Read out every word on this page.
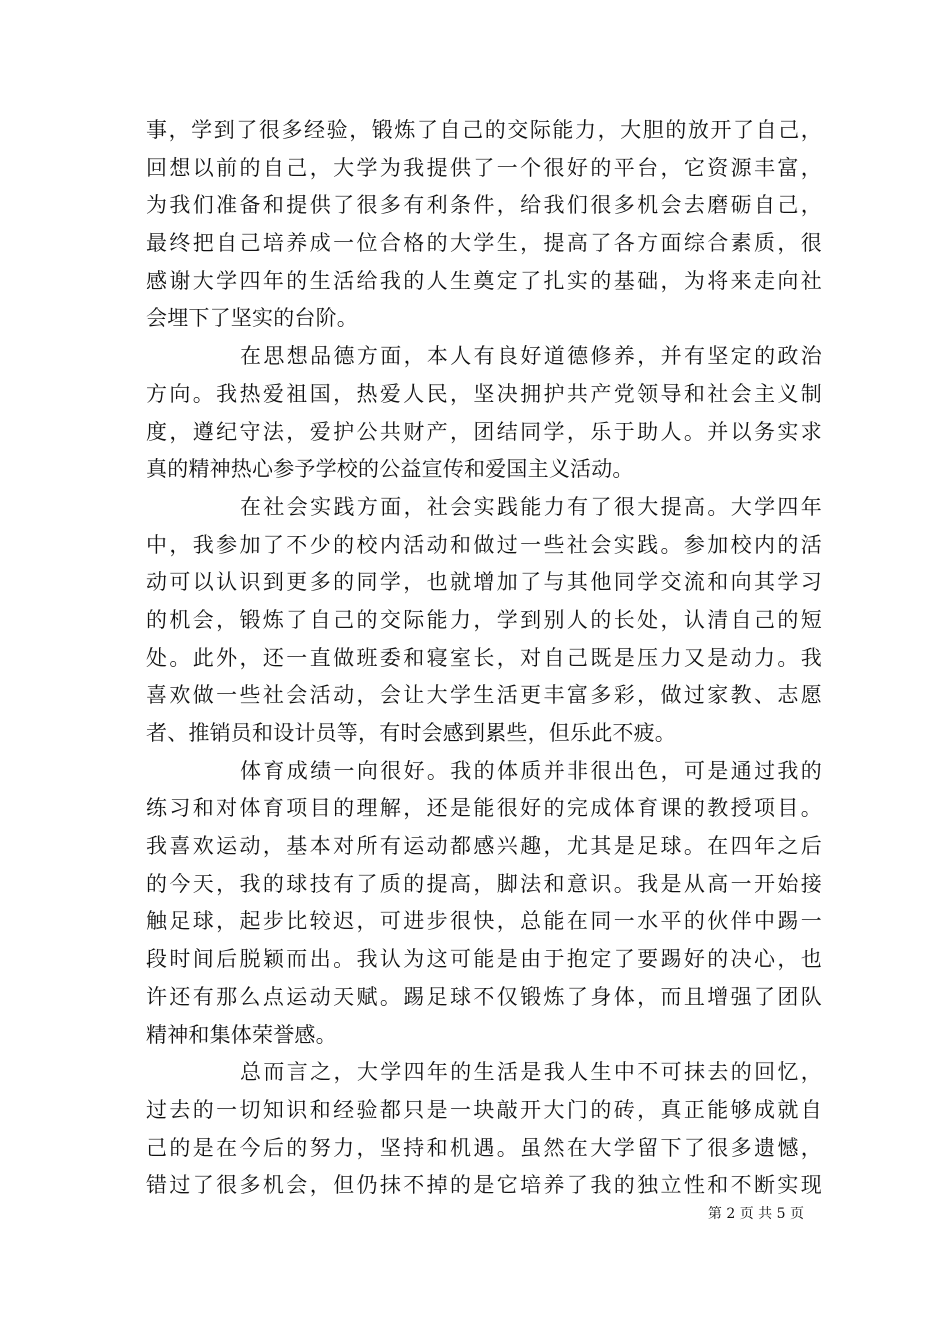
事，学到了很多经验，锻炼了自己的交际能力，大胆的放开了自己，
回想以前的自己，大学为我提供了一个很好的平台，它资源丰富，
为我们准备和提供了很多有利条件，给我们很多机会去磨砺自己，
最终把自己培养成一位合格的大学生，提高了各方面综合素质，很
感谢大学四年的生活给我的人生奠定了扎实的基础，为将来走向社
会埋下了坚实的台阶。
在思想品德方面，本人有良好道德修养，并有坚定的政治
方向。我热爱祖国，热爱人民，坚决拥护共产党领导和社会主义制
度，遵纪守法，爱护公共财产，团结同学，乐于助人。并以务实求
真的精神热心参予学校的公益宣传和爱国主义活动。
在社会实践方面，社会实践能力有了很大提高。大学四年
中，我参加了不少的校内活动和做过一些社会实践。参加校内的活
动可以认识到更多的同学，也就增加了与其他同学交流和向其学习
的机会，锻炼了自己的交际能力，学到别人的长处，认清自己的短
处。此外，还一直做班委和寝室长，对自己既是压力又是动力。我
喜欢做一些社会活动，会让大学生活更丰富多彩，做过家教、志愿
者、推销员和设计员等，有时会感到累些，但乐此不疲。
体育成绩一向很好。我的体质并非很出色，可是通过我的
练习和对体育项目的理解，还是能很好的完成体育课的教授项目。
我喜欢运动，基本对所有运动都感兴趣，尤其是足球。在四年之后
的今天，我的球技有了质的提高，脚法和意识。我是从高一开始接
触足球，起步比较迟，可进步很快，总能在同一水平的伙伴中踢一
段时间后脱颖而出。我认为这可能是由于抱定了要踢好的决心，也
许还有那么点运动天赋。踢足球不仅锻炼了身体，而且增强了团队
精神和集体荣誉感。
总而言之，大学四年的生活是我人生中不可抹去的回忆，
过去的一切知识和经验都只是一块敲开大门的砖，真正能够成就自
己的是在今后的努力，坚持和机遇。虽然在大学留下了很多遗憾，
错过了很多机会，但仍抹不掉的是它培养了我的独立性和不断实现
第 2 页 共 5 页
